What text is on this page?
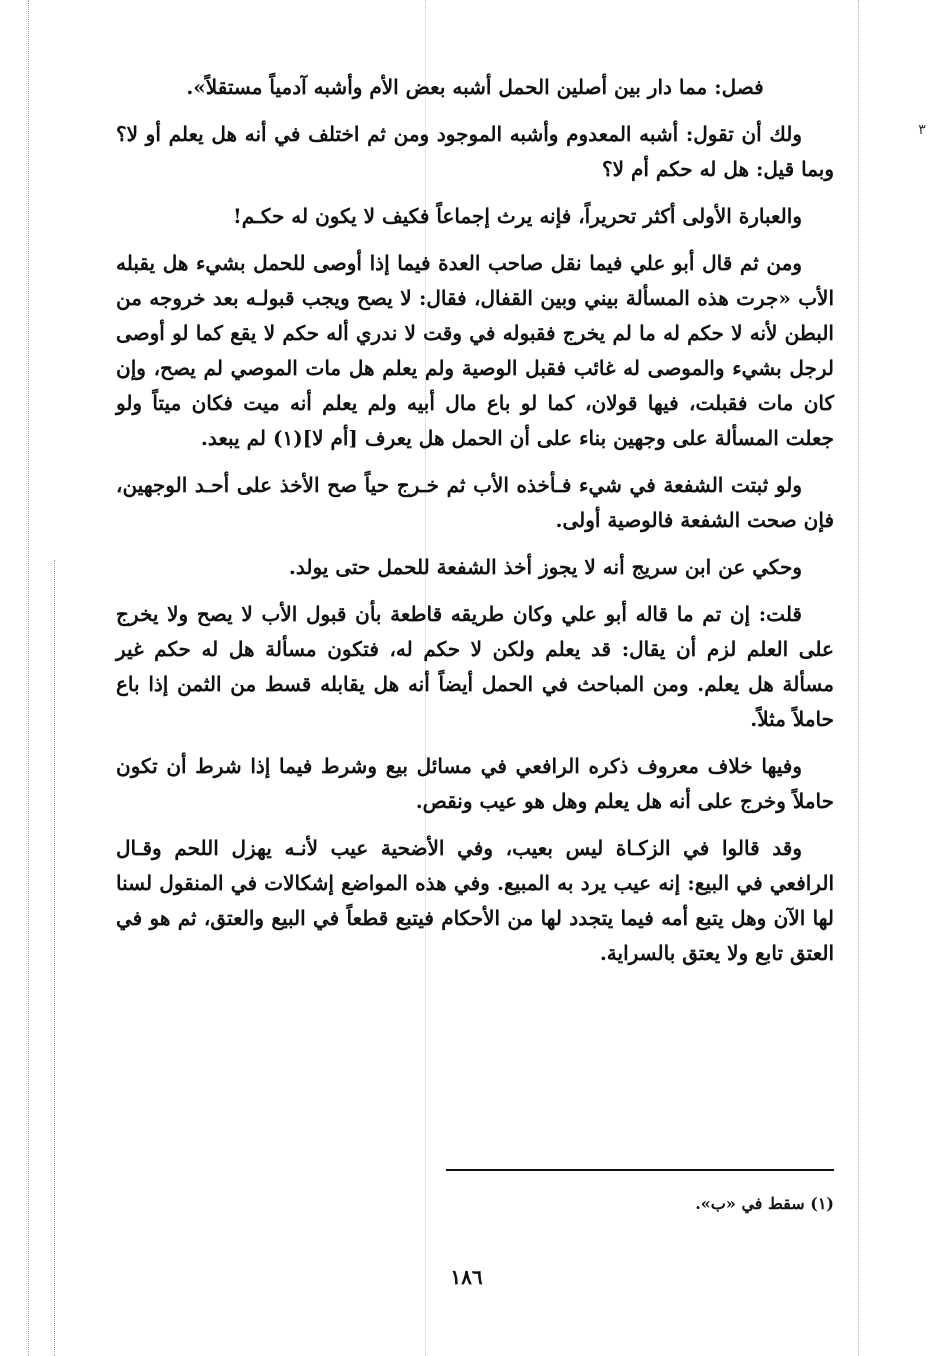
٣

فصل: مما دار بين أصلين الحمل أشبه بعض الأم وأشبه آدمياً مستقلاً».

ولك أن تقول: أشبه المعدوم وأشبه الموجود ومن ثم اختلف في أنه هل يعلم أو لا؟ وبما قيل: هل له حكم أم لا؟

والعبارة الأولى أكثر تحريراً، فإنه يرث إجماعاً فكيف لا يكون له حكـم!

ومن ثم قال أبو علي فيما نقل صاحب العدة فيما إذا أوصى للحمل بشيء هل يقبله الأب «جرت هذه المسألة بيني وبين القفال، فقال: لا يصح ويجب قبولـه بعد خروجه من البطن لأنه لا حكم له ما لم يخرج فقبوله في وقت لا ندري أله حكم لا يقع كما لو أوصى لرجل بشيء والموصى له غائب فقبل الوصية ولم يعلم هل مات الموصي لم يصح، وإن كان مات فقبلت، فيها قولان، كما لو باع مال أبيه ولم يعلم أنه ميت فكان ميتاً ولو جعلت المسألة على وجهين بناء على أن الحمل هل يعرف [أم لا](١) لم يبعد.

ولو ثبتت الشفعة في شيء فـأخذه الأب ثم خـرج حياً صح الأخذ على أحـد الوجهين، فإن صحت الشفعة فالوصية أولى.

وحكي عن ابن سريج أنه لا يجوز أخذ الشفعة للحمل حتى يولد.

قلت: إن تم ما قاله أبو علي وكان طريقه قاطعة بأن قبول الأب لا يصح ولا يخرج على العلم لزم أن يقال: قد يعلم ولكن لا حكم له، فتكون مسألة هل له حكم غير مسألة هل يعلم. ومن المباحث في الحمل أيضاً أنه هل يقابله قسط من الثمن إذا باع حاملاً مثلاً.

وفيها خلاف معروف ذكره الرافعي في مسائل بيع وشرط فيما إذا شرط أن تكون حاملاً وخرج على أنه هل يعلم وهل هو عيب ونقص.

وقد قالوا في الزكـاة ليس بعيب، وفي الأضحية عيب لأنـه يهزل اللحم وقـال الرافعي في البيع: إنه عيب يرد به المبيع. وفي هذه المواضع إشكالات في المنقول لسنا لها الآن وهل يتبع أمه فيما يتجدد لها من الأحكام فيتبع قطعاً في البيع والعتق، ثم هو في العتق تابع ولا يعتق بالسراية.

(١) سقط في «ب».
١٨٦
